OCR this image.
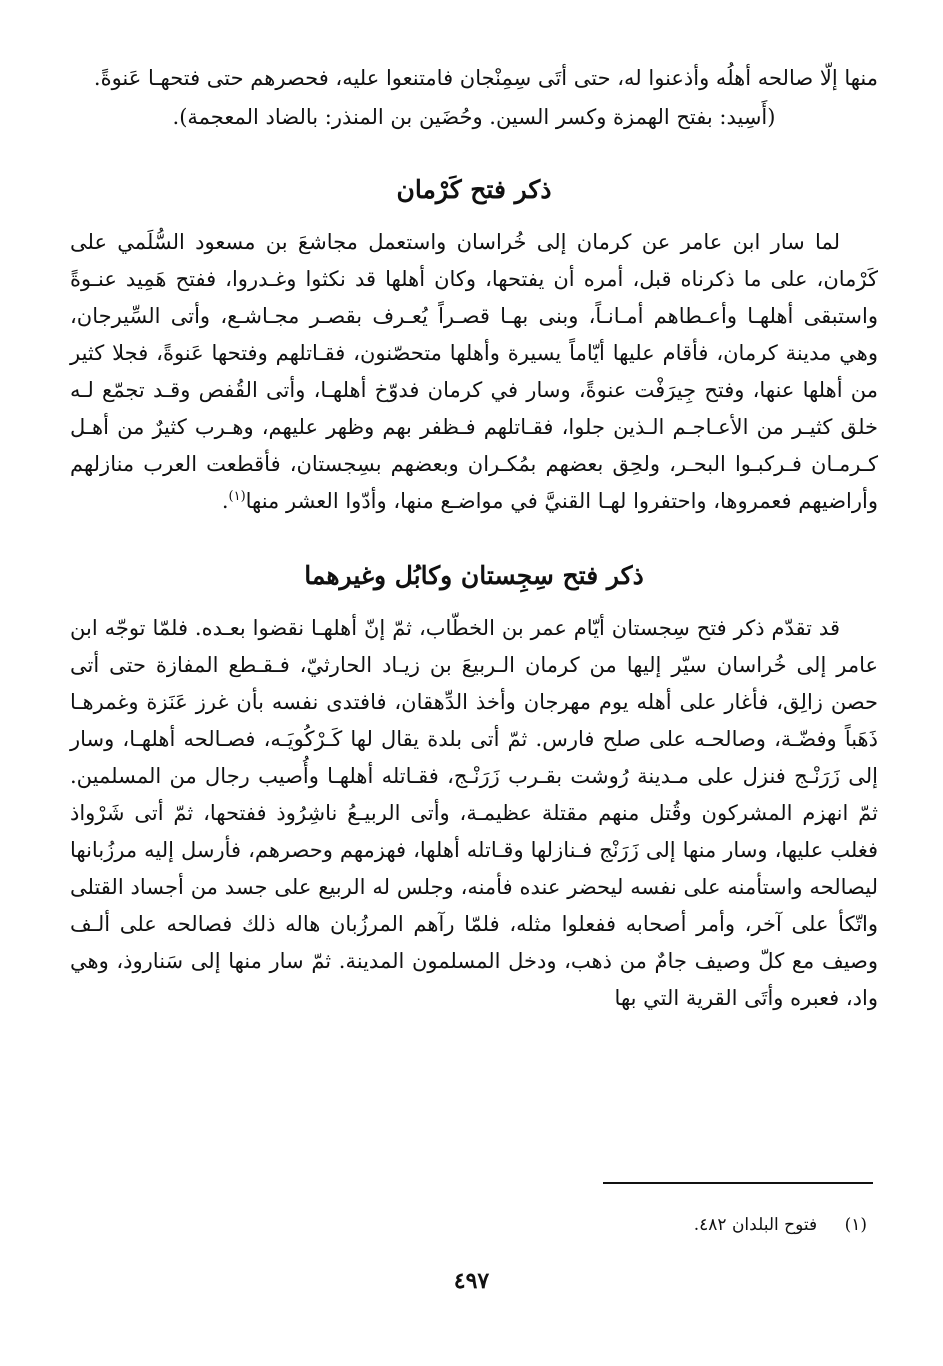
منها إلّا صالحه أهلُه وأذعنوا له، حتى أتَى سِمِنْجان فامتنعوا عليه، فحصرهم حتى فتحهـا عَنوةً.

(أَسِيد: بفتح الهمزة وكسر السين. وحُضَين بن المنذر: بالضاد المعجمة).

ذكر فتح كَرْمان

لما سار ابن عامر عن كرمان إلى خُراسان واستعمل مجاشعَ بن مسعود السُّلَمي على كَرْمان، على ما ذكرناه قبل، أمره أن يفتحها، وكان أهلها قد نكثوا وغـدروا، ففتح هَمِيد عنـوةً واستبقى أهلهـا وأعـطاهم أمـانـاً، وبنى بهـا قصـراً يُعـرف بقصـر مجـاشـع، وأتى السِّيرجان، وهي مدينة كرمان، فأقام عليها أيّاماً يسيرة وأهلها متحصّنون، فقـاتلهم وفتحها عَنوةً، فجلا كثير من أهلها عنها، وفتح جِيرَفْت عنوةً، وسار في كرمان فدوّخ أهلهـا، وأتى القُفص وقـد تجمّع لـه خلق كثيـر من الأعـاجـم الـذين جلوا، فقـاتلهم فـظفر بهم وظهر عليهم، وهـرب كثيرٌ من أهـل كـرمـان فـركبـوا البحـر، ولحِق بعضهم بمُكـران وبعضهم بسِجستان، فأقطعت العرب منازلهم وأراضيهم فعمروها، واحتفروا لهـا القنيَّ في مواضـع منها، وأدّوا العشر منها$^{(١)}$.

ذكر فتح سِجِستان وكابُل وغيرهما

قد تقدّم ذكر فتح سِجستان أيّام عمر بن الخطّاب، ثمّ إنّ أهلهـا نقضوا بعـده. فلمّا توجّه ابن عامر إلى خُراسان سيّر إليها من كرمان الـربيعَ بن زيـاد الحارثيّ، فـقـطع المفازة حتى أتى حصن زالِق، فأغار على أهله يوم مهرجان وأخذ الدِّهقان، فافتدى نفسه بأن غرز عَنَزة وغمرهـا ذَهَباً وفضّـة، وصالحـه على صلح فارس. ثمّ أتى بلدة يقال لها كَـرْكُويَـه، فصـالحه أهلهـا، وسار إلى زَرَنْـج فنزل على مـدينة رُوشت بقـرب زَرَنْـج، فقـاتله أهلهـا وأُصيب رجال من المسلمين. ثمّ انهزم المشركون وقُتل منهم مقتلة عظيمـة، وأتى الربيـعُ ناشِرُوذ ففتحها، ثمّ أتى شَرْواذ فغلب عليها، وسار منها إلى زَرَنْج فـنازلها وقـاتله أهلها، فهزمهم وحصرهم، فأرسل إليه مرزُبانها ليصالحه واستأمنه على نفسه ليحضر عنده فأمنه، وجلس له الربيع على جسد من أجساد القتلى واتّكأ على آخر، وأمر أصحابه ففعلوا مثله، فلمّا رآهم المرزُبان هاله ذلك فصالحه على ألـف وصيف مع كلّ وصيف جامٌ من ذهب، ودخل المسلمون المدينة. ثمّ سار منها إلى سَناروذ، وهي واد، فعبره وأتَى القرية التي بها

(١) فتوح البلدان ٤٨٢.
٤٩٧
